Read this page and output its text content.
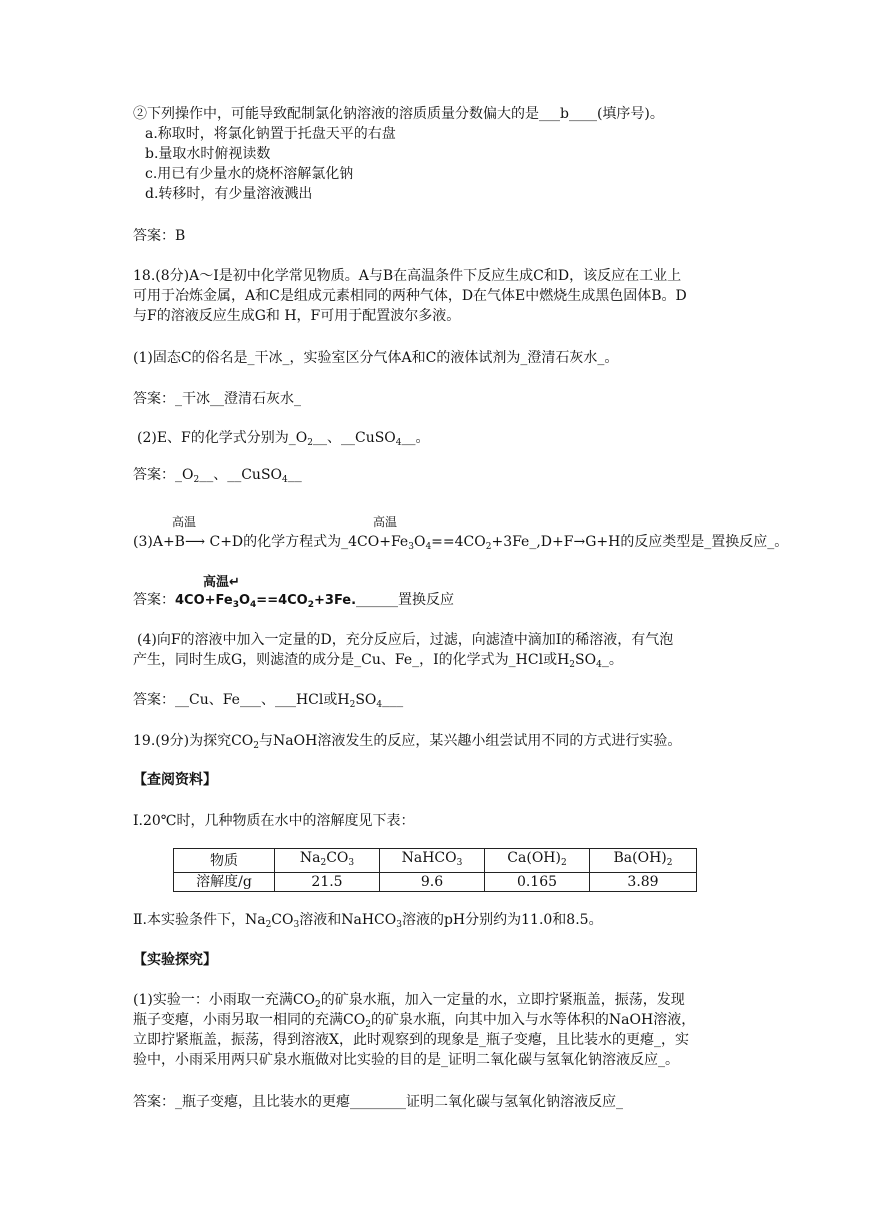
②下列操作中，可能导致配制氯化钠溶液的溶质质量分数偏大的是___b____(填序号)。
a.称取时，将氯化钠置于托盘天平的右盘
b.量取水时俯视读数
c.用已有少量水的烧杯溶解氯化钠
d.转移时，有少量溶液溅出
答案：B
18.(8分)A～I是初中化学常见物质。A与B在高温条件下反应生成C和D，该反应在工业上
可用于冶炼金属，A和C是组成元素相同的两种气体，D在气体E中燃烧生成黑色固体B。D
与F的溶液反应生成G和 H，F可用于配置波尔多液。
(1)固态C的俗名是_干冰_，实验室区分气体A和C的液体试剂为_澄清石灰水_。
答案：_干冰__澄清石灰水_
(2)E、F的化学式分别为$\_O_2\_\_$、__CuSO$_4$__。
答案：$\_O_2\_\_$、__CuSO$_4$__
高温	高温
(3)A+B⟶ C+D的化学方程式为$\_4CO+Fe_3O_4==4CO_2+3Fe\_,D+F\to G+H$的反应类型是_置换反应_。
高温↵
答案：$4CO+Fe_3O_4==4CO_2+3Fe.\_\_\_\_\_\_$置换反应
(4)向F的溶液中加入一定量的D，充分反应后，过滤，向滤渣中滴加I的稀溶液，有气泡
产生，同时生成G，则滤渣的成分是_Cu、Fe_，I的化学式为_HCl或$H_2SO_4\_$。
答案：__Cu、Fe___、___HCl或$H_2SO_4\_\_\_$
19.(9分)为探究$CO_2$与NaOH溶液发生的反应，某兴趣小组尝试用不同的方式进行实验。
【查阅资料】
Ⅰ.20℃时，几种物质在水中的溶解度见下表：
物质	$Na_2CO_3$	NaHCO$_3$	$Ca(OH)_2$	$Ba(OH)_2$
溶解度/g	21.5	9.6	0.165	3.89
Ⅱ.本实验条件下，$Na_2CO_3$溶液和NaHCO$_3$溶液的pH分别约为11.0和8.5。
【实验探究】
(1)实验一：小雨取一充满$CO_2$的矿泉水瓶，加入一定量的水，立即拧紧瓶盖，振荡，发现
瓶子变瘪，小雨另取一相同的充满$CO_2$的矿泉水瓶，向其中加入与水等体积的NaOH溶液，
立即拧紧瓶盖，振荡，得到溶液X，此时观察到的现象是_瓶子变瘪，且比装水的更瘪_，实
验中，小雨采用两只矿泉水瓶做对比实验的目的是_证明二氧化碳与氢氧化钠溶液反应_。
答案：_瓶子变瘪，且比装水的更瘪________证明二氧化碳与氢氧化钠溶液反应_
